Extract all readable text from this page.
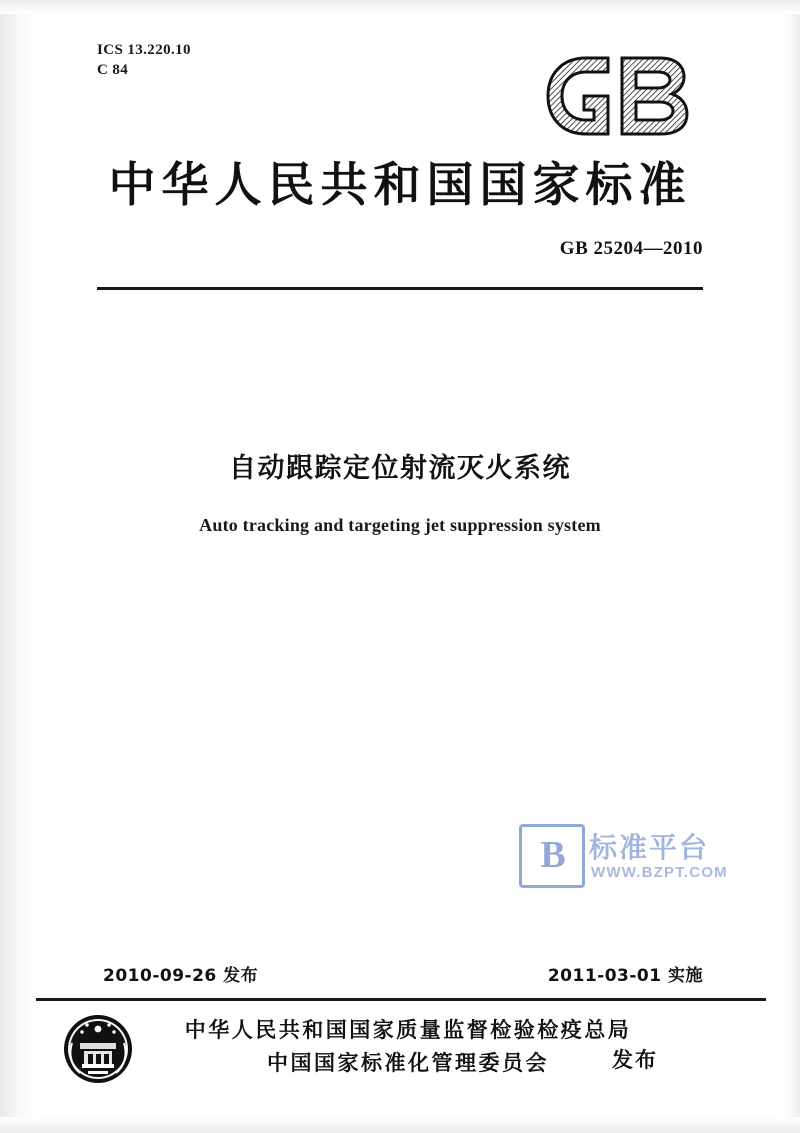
ICS 13.220.10
C 84
中华人民共和国国家标准
GB 25204—2010
自动跟踪定位射流灭火系统
Auto tracking and targeting jet suppression system
B 标准平台
WWW.BZPT.COM
2010-09-26 发布	2011-03-01 实施
中华人民共和国国家质量监督检验检疫总局
中国国家标准化管理委员会	发布
